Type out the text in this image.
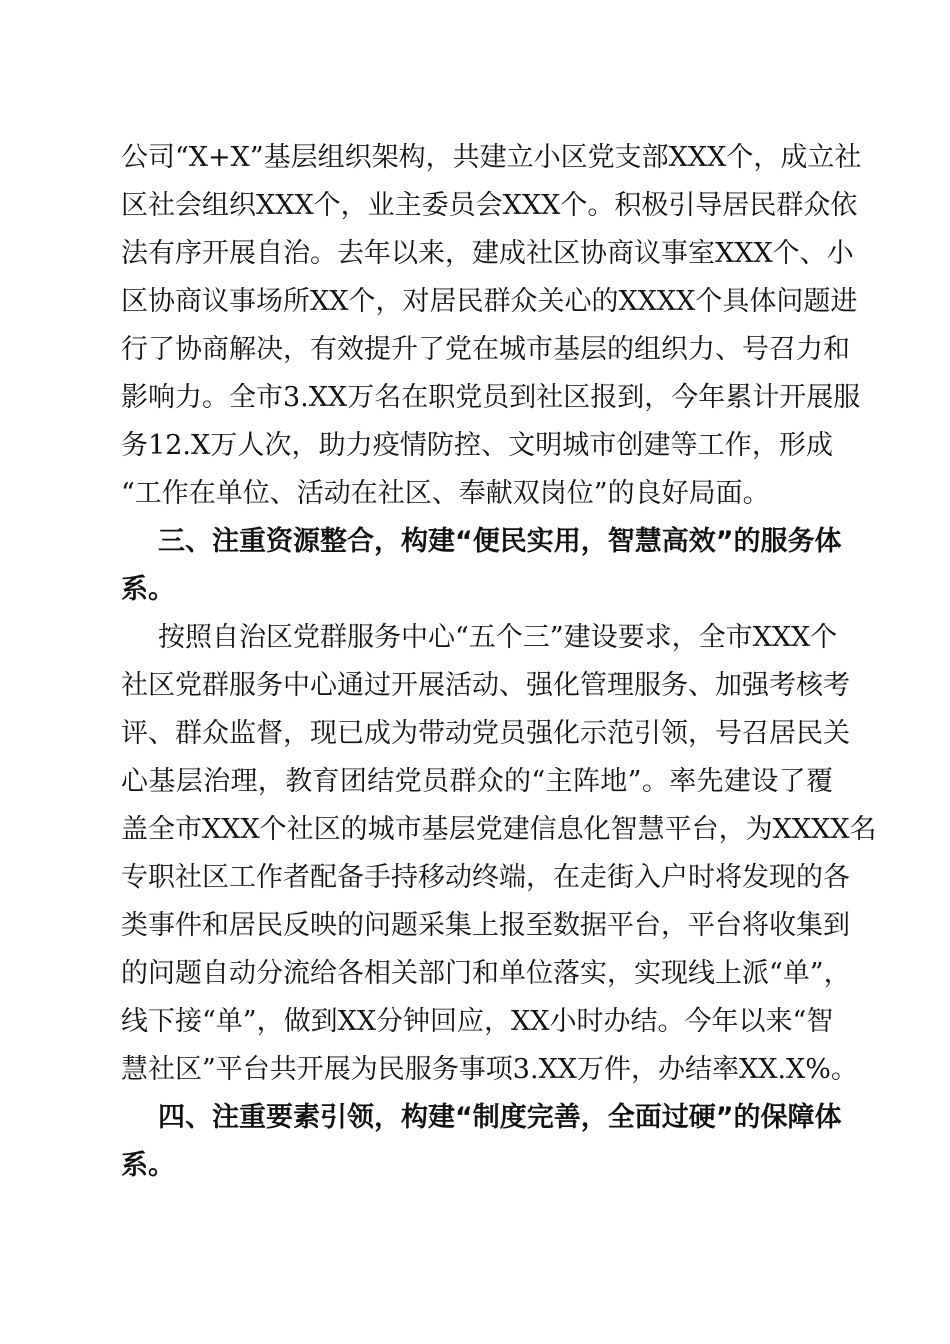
公司“X+X”基层组织架构，共建立小区党支部XXX个，成立社
区社会组织XXX个，业主委员会XXX个。积极引导居民群众依
法有序开展自治。去年以来，建成社区协商议事室XXX个、小
区协商议事场所XX个，对居民群众关心的XXXX个具体问题进
行了协商解决，有效提升了党在城市基层的组织力、号召力和
影响力。全市3.XX万名在职党员到社区报到，今年累计开展服
务12.X万人次，助力疫情防控、文明城市创建等工作，形成
“工作在单位、活动在社区、奉献双岗位”的良好局面。
三、注重资源整合，构建“便民实用，智慧高效”的服务体
系。
按照自治区党群服务中心“五个三”建设要求，全市XXX个
社区党群服务中心通过开展活动、强化管理服务、加强考核考
评、群众监督，现已成为带动党员强化示范引领，号召居民关
心基层治理，教育团结党员群众的“主阵地”。率先建设了覆
盖全市XXX个社区的城市基层党建信息化智慧平台，为XXXX名
专职社区工作者配备手持移动终端，在走街入户时将发现的各
类事件和居民反映的问题采集上报至数据平台，平台将收集到
的问题自动分流给各相关部门和单位落实，实现线上派“单”，
线下接“单”，做到XX分钟回应，XX小时办结。今年以来“智
慧社区”平台共开展为民服务事项3.XX万件，办结率XX.X%。
四、注重要素引领，构建“制度完善，全面过硬”的保障体
系。
